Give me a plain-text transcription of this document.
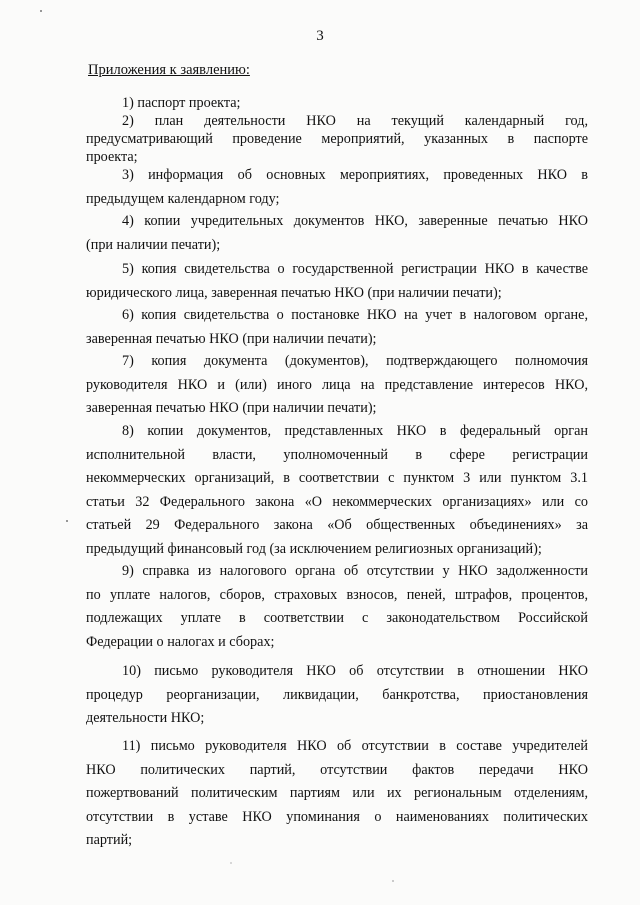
3
Приложения к заявлению:
1) паспорт проекта;
2) план деятельности НКО на текущий календарный год,
предусматривающий проведение мероприятий, указанных в паспорте
проекта;
3) информация об основных мероприятиях, проведенных НКО в
предыдущем календарном году;
4) копии учредительных документов НКО, заверенные печатью НКО
(при наличии печати);
5) копия свидетельства о государственной регистрации НКО в качестве
юридического лица, заверенная печатью НКО (при наличии печати);
6) копия свидетельства о постановке НКО на учет в налоговом органе,
заверенная печатью НКО (при наличии печати);
7) копия документа (документов), подтверждающего полномочия
руководителя НКО и (или) иного лица на представление интересов НКО,
заверенная печатью НКО (при наличии печати);
8) копии документов, представленных НКО в федеральный орган
исполнительной власти, уполномоченный в сфере регистрации
некоммерческих организаций, в соответствии с пунктом 3 или пунктом 3.1
статьи 32 Федерального закона «О некоммерческих организациях» или со
статьей 29 Федерального закона «Об общественных объединениях» за
предыдущий финансовый год (за исключением религиозных организаций);
9) справка из налогового органа об отсутствии у НКО задолженности
по уплате налогов, сборов, страховых взносов, пеней, штрафов, процентов,
подлежащих уплате в соответствии с законодательством Российской
Федерации о налогах и сборах;
10) письмо руководителя НКО об отсутствии в отношении НКО
процедур реорганизации, ликвидации, банкротства, приостановления
деятельности НКО;
11) письмо руководителя НКО об отсутствии в составе учредителей
НКО политических партий, отсутствии фактов передачи НКО
пожертвований политическим партиям или их региональным отделениям,
отсутствии в уставе НКО упоминания о наименованиях политических
партий;
